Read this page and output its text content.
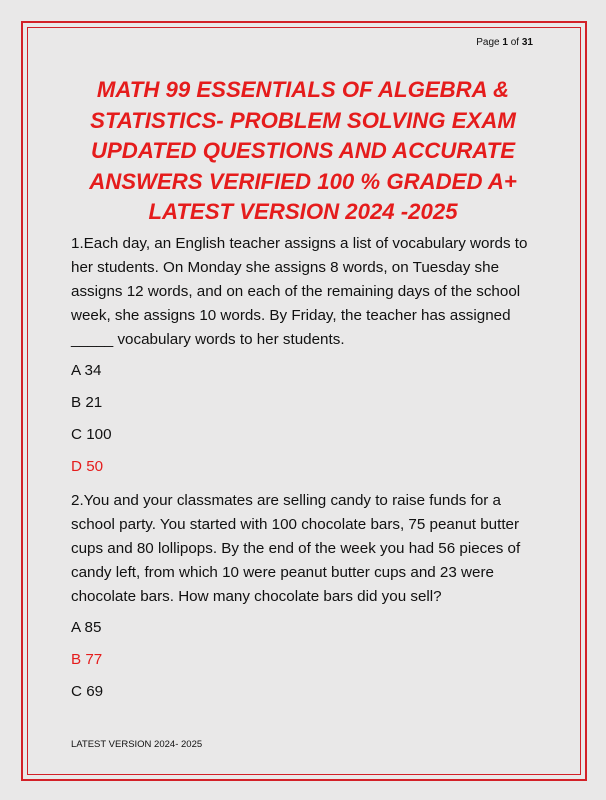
Page 1 of 31
MATH 99 ESSENTIALS OF ALGEBRA & STATISTICS- PROBLEM SOLVING EXAM UPDATED QUESTIONS AND ACCURATE ANSWERS VERIFIED 100 % GRADED A+ LATEST VERSION 2024 -2025

1.Each day, an English teacher assigns a list of vocabulary words to her students. On Monday she assigns 8 words, on Tuesday she assigns 12 words, and on each of the remaining days of the school week, she assigns 10 words. By Friday, the teacher has assigned _____ vocabulary words to her students.

A 34

B 21

C 100

D 50

2.You and your classmates are selling candy to raise funds for a school party. You started with 100 chocolate bars, 75 peanut butter cups and 80 lollipops. By the end of the week you had 56 pieces of candy left, from which 10 were peanut butter cups and 23 were chocolate bars. How many chocolate bars did you sell?

A 85

B 77

C 69

LATEST VERSION 2024- 2025
